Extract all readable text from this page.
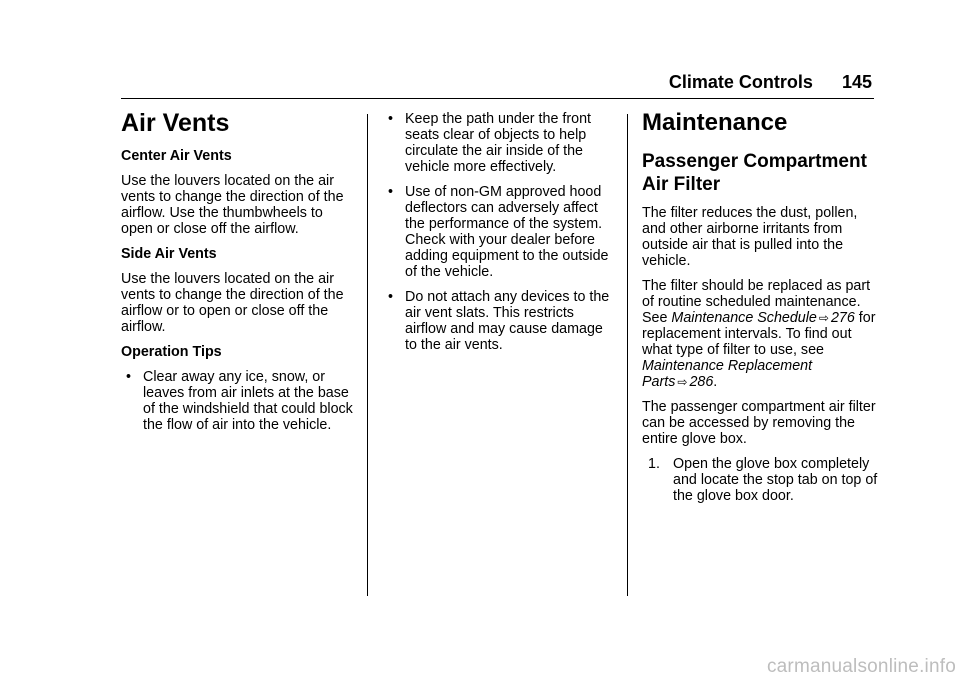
Climate Controls 145
Air Vents
Center Air Vents

Use the louvers located on the air vents to change the direction of the airflow. Use the thumbwheels to open or close off the airflow.

Side Air Vents

Use the louvers located on the air vents to change the direction of the airflow or to open or close off the airflow.

Operation Tips
• Clear away any ice, snow, or leaves from air inlets at the base of the windshield that could block the flow of air into the vehicle.
• Keep the path under the front seats clear of objects to help circulate the air inside of the vehicle more effectively.
• Use of non-GM approved hood deflectors can adversely affect the performance of the system. Check with your dealer before adding equipment to the outside of the vehicle.
• Do not attach any devices to the air vent slats. This restricts airflow and may cause damage to the air vents.
Maintenance
Passenger Compartment Air Filter

The filter reduces the dust, pollen, and other airborne irritants from outside air that is pulled into the vehicle.

The filter should be replaced as part of routine scheduled maintenance. See Maintenance Schedule ⇨ 276 for replacement intervals. To find out what type of filter to use, see Maintenance Replacement Parts ⇨ 286.

The passenger compartment air filter can be accessed by removing the entire glove box.

1. Open the glove box completely and locate the stop tab on top of the glove box door.
carmanualsonline.info
